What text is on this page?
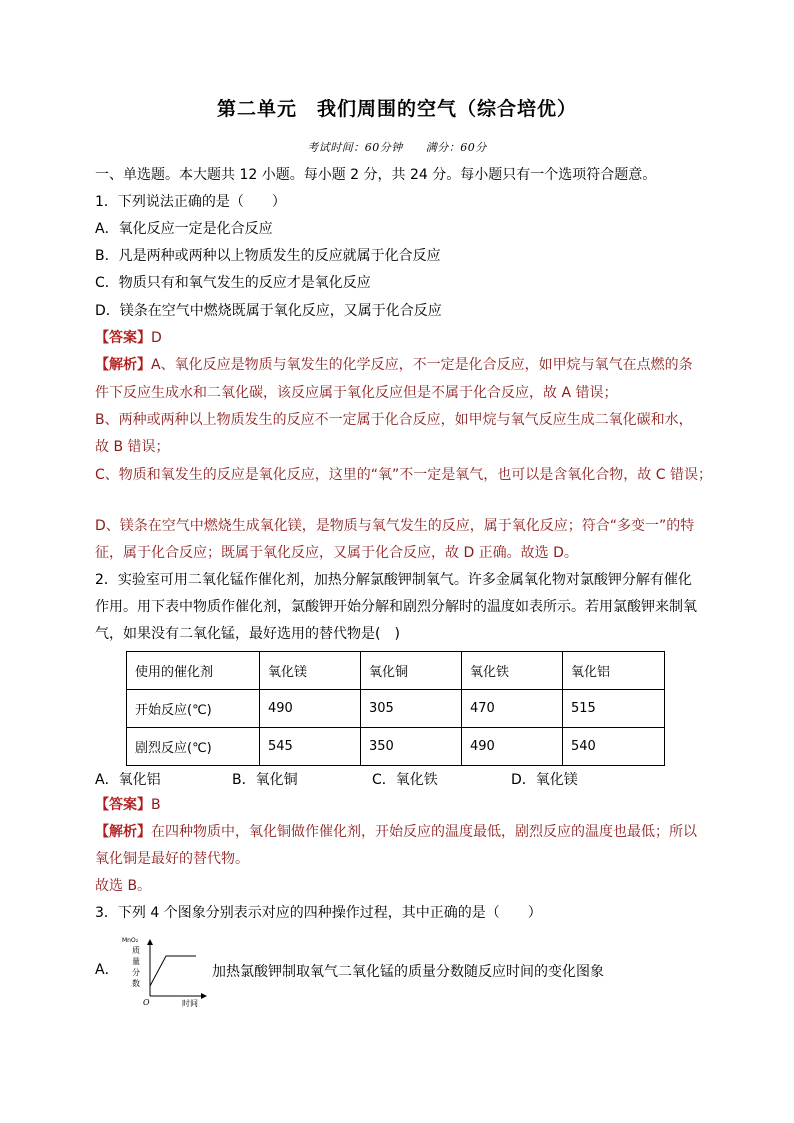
第二单元　我们周围的空气（综合培优）
考试时间：60分钟　　满分：60分
一、单选题。本大题共 12 小题。每小题 2 分，共 24 分。每小题只有一个选项符合题意。
1．下列说法正确的是（　　）
A．氧化反应一定是化合反应
B．凡是两种或两种以上物质发生的反应就属于化合反应
C．物质只有和氧气发生的反应才是氧化反应
D．镁条在空气中燃烧既属于氧化反应，又属于化合反应
【答案】D
【解析】A、氧化反应是物质与氧发生的化学反应，不一定是化合反应，如甲烷与氧气在点燃的条
件下反应生成水和二氧化碳，该反应属于氧化反应但是不属于化合反应，故 A 错误；
B、两种或两种以上物质发生的反应不一定属于化合反应，如甲烷与氧气反应生成二氧化碳和水，
故 B 错误；
C、物质和氧发生的反应是氧化反应，这里的“氧”不一定是氧气，也可以是含氧化合物，故 C 错误；
D、镁条在空气中燃烧生成氧化镁，是物质与氧气发生的反应，属于氧化反应；符合“多变一”的特
征，属于化合反应；既属于氧化反应，又属于化合反应，故 D 正确。故选 D。
2．实验室可用二氧化锰作催化剂，加热分解氯酸钾制氧气。许多金属氧化物对氯酸钾分解有催化
作用。用下表中物质作催化剂，氯酸钾开始分解和剧烈分解时的温度如表所示。若用氯酸钾来制氧
气，如果没有二氧化锰，最好选用的替代物是(　)
使用的催化剂	氧化镁	氧化铜	氧化铁	氧化铝
开始反应(℃)	490	305	470	515
剧烈反应(℃)	545	350	490	540
A．氧化铝	B．氧化铜	C．氧化铁	D．氧化镁
【答案】B
【解析】在四种物质中，氧化铜做作催化剂，开始反应的温度最低，剧烈反应的温度也最低；所以
氧化铜是最好的替代物。
故选 B。
3．下列 4 个图象分别表示对应的四种操作过程，其中正确的是（　　）
A．
MnO₂
质
量
分
数
O	时间
加热氯酸钾制取氧气二氧化锰的质量分数随反应时间的变化图象
